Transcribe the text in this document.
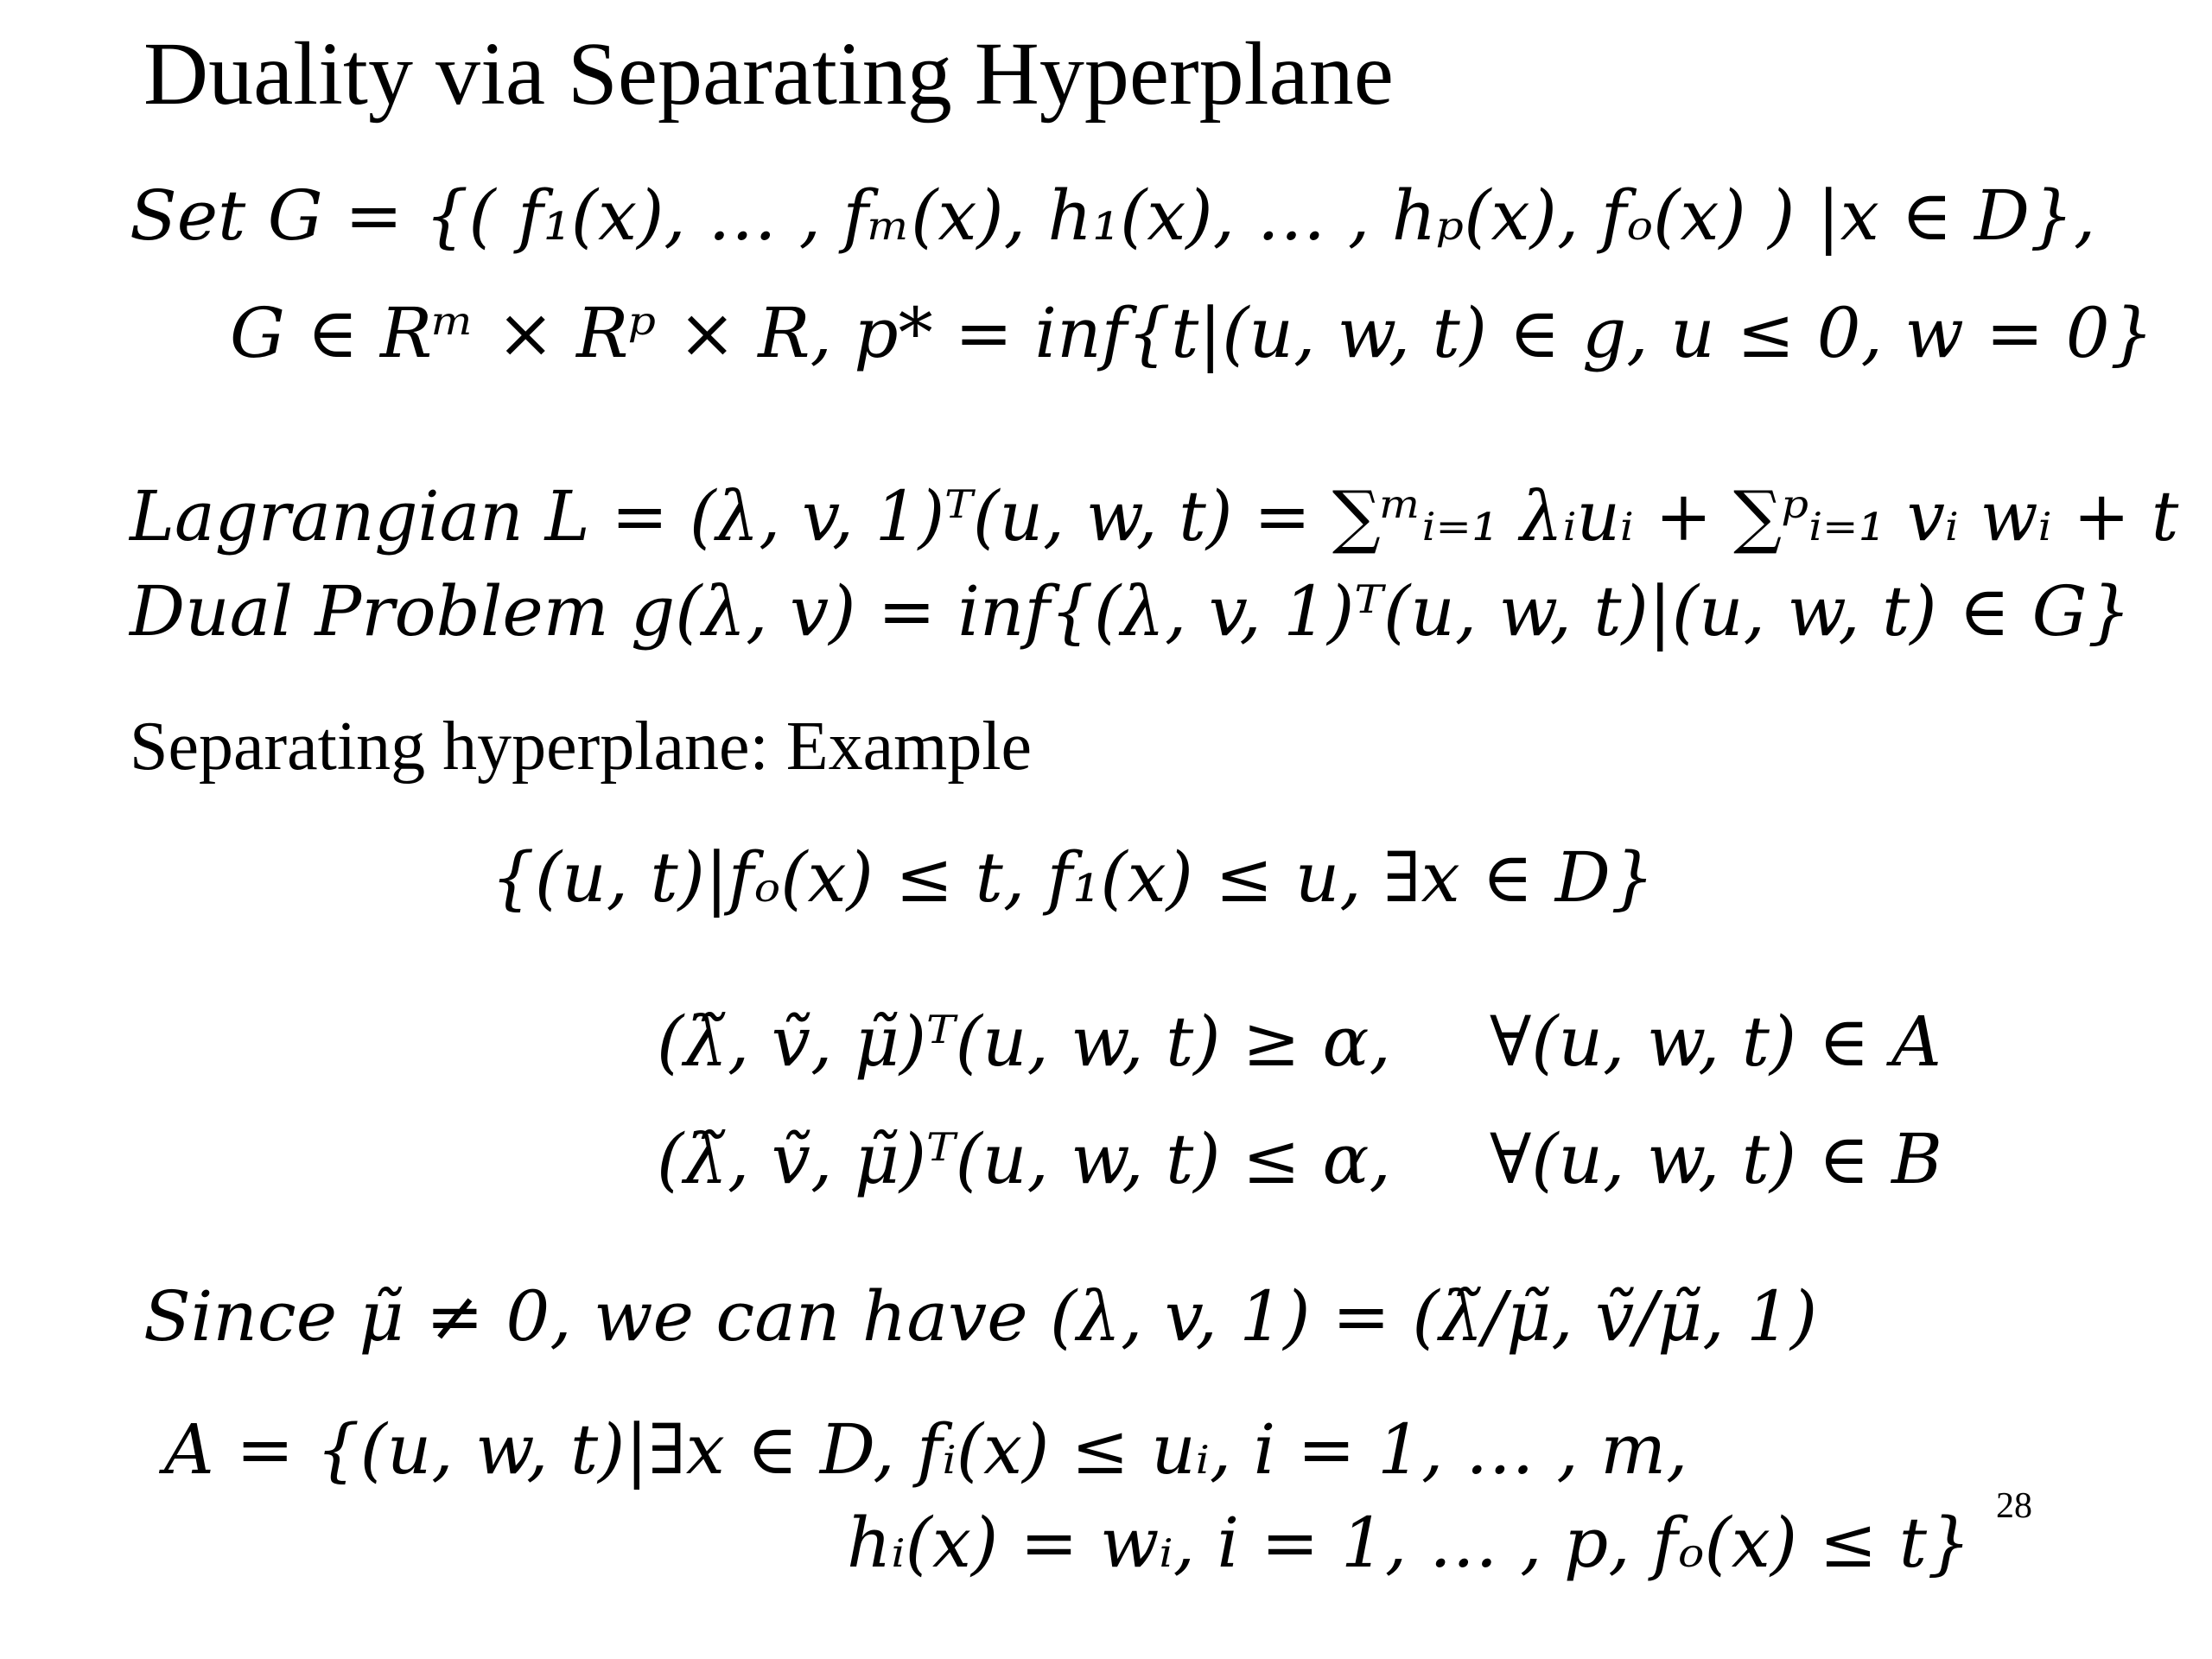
Duality via Separating Hyperplane
Set G = {( f₁(x), … , fₘ(x), h₁(x), … , hₚ(x), fₒ(x) ) |x ∈ D},
G ∈ Rᵐ × Rᵖ × R, p* = inf{t|(u, w, t) ∈ g, u ≤ 0, w = 0}
Lagrangian L = (λ, v, 1)ᵀ(u, w, t) = ∑ᵐᵢ₌₁ λᵢuᵢ + ∑ᵖᵢ₌₁ vᵢ wᵢ + t
Dual Problem g(λ, v) = inf{(λ, v, 1)ᵀ(u, w, t)|(u, w, t) ∈ G}
Separating hyperplane: Example
{(u, t)|fₒ(x) ≤ t, f₁(x) ≤ u, ∃x ∈ D}
(λ̃, ṽ, μ̃)ᵀ(u, w, t) ≥ α, ∀(u, w, t) ∈ A
(λ̃, ṽ, μ̃)ᵀ(u, w, t) ≤ α, ∀(u, w, t) ∈ B
Since μ̃ ≠ 0, we can have (λ, v, 1) = (λ̃/μ̃, ṽ/μ̃, 1)
A = {(u, w, t)|∃x ∈ D, fᵢ(x) ≤ uᵢ, i = 1, … , m,
hᵢ(x) = wᵢ, i = 1, … , p, fₒ(x) ≤ t} 28
